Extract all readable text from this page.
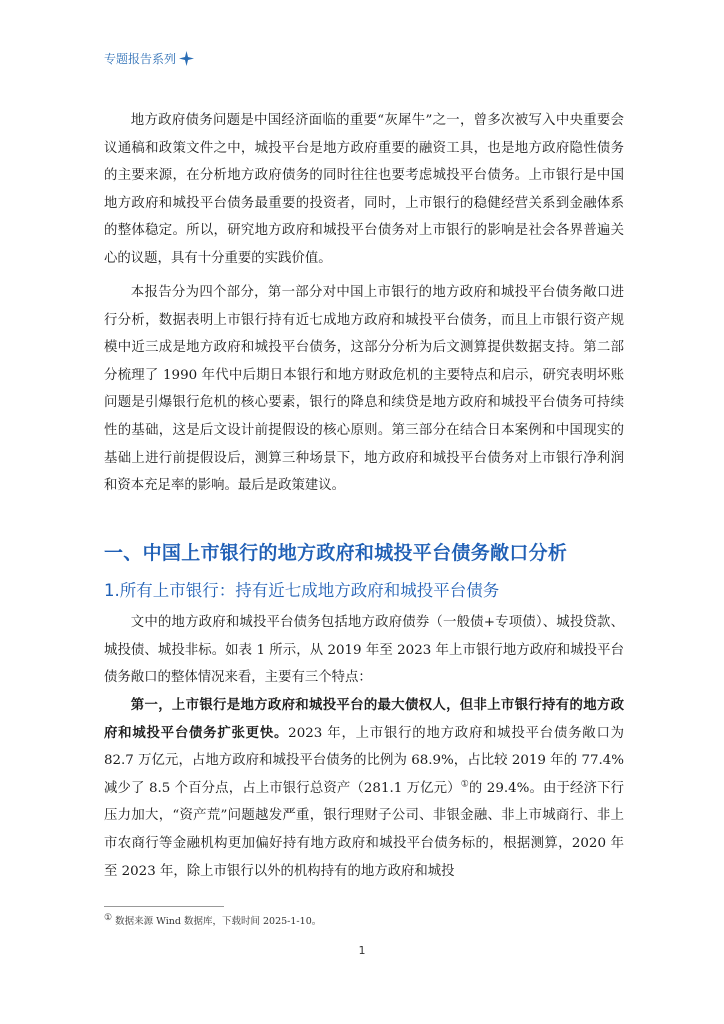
专题报告系列

地方政府债务问题是中国经济面临的重要“灰犀牛”之一，曾多次被写入中央重要会议通稿和政策文件之中，城投平台是地方政府重要的融资工具，也是地方政府隐性债务的主要来源，在分析地方政府债务的同时往往也要考虑城投平台债务。上市银行是中国地方政府和城投平台债务最重要的投资者，同时，上市银行的稳健经营关系到金融体系的整体稳定。所以，研究地方政府和城投平台债务对上市银行的影响是社会各界普遍关心的议题，具有十分重要的实践价值。

本报告分为四个部分，第一部分对中国上市银行的地方政府和城投平台债务敞口进行分析，数据表明上市银行持有近七成地方政府和城投平台债务，而且上市银行资产规模中近三成是地方政府和城投平台债务，这部分分析为后文测算提供数据支持。第二部分梳理了 1990 年代中后期日本银行和地方财政危机的主要特点和启示，研究表明坏账问题是引爆银行危机的核心要素，银行的降息和续贷是地方政府和城投平台债务可持续性的基础，这是后文设计前提假设的核心原则。第三部分在结合日本案例和中国现实的基础上进行前提假设后，测算三种场景下，地方政府和城投平台债务对上市银行净利润和资本充足率的影响。最后是政策建议。

一、中国上市银行的地方政府和城投平台债务敞口分析
1.所有上市银行：持有近七成地方政府和城投平台债务

文中的地方政府和城投平台债务包括地方政府债券（一般债+专项债）、城投贷款、城投债、城投非标。如表 1 所示，从 2019 年至 2023 年上市银行地方政府和城投平台债务敞口的整体情况来看，主要有三个特点：

第一，上市银行是地方政府和城投平台的最大债权人，但非上市银行持有的地方政府和城投平台债务扩张更快。2023 年，上市银行的地方政府和城投平台债务敞口为 82.7 万亿元，占地方政府和城投平台债务的比例为 68.9%，占比较 2019 年的 77.4%减少了 8.5 个百分点，占上市银行总资产（281.1 万亿元）①的 29.4%。由于经济下行压力加大，“资产荒”问题越发严重，银行理财子公司、非银金融、非上市城商行、非上市农商行等金融机构更加偏好持有地方政府和城投平台债务标的，根据测算，2020 年至 2023 年，除上市银行以外的机构持有的地方政府和城投

① 数据来源 Wind 数据库，下载时间 2025-1-10。
1
